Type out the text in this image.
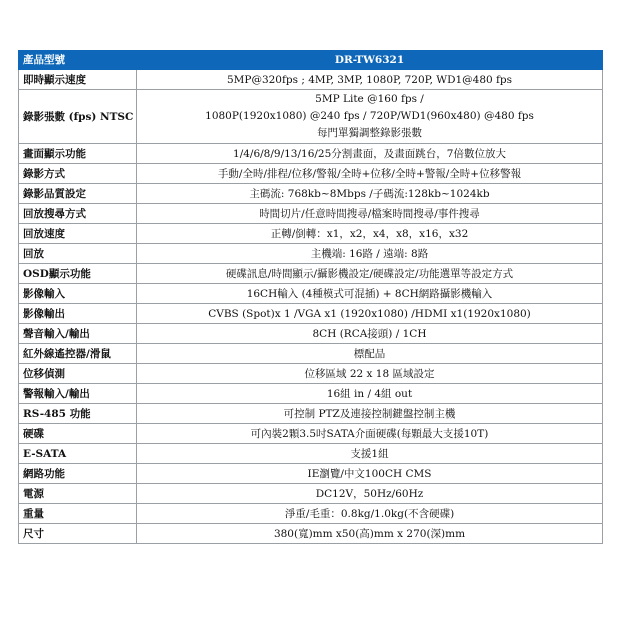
產品型號	DR-TW6321
即時顯示速度	5MP@320fps ; 4MP, 3MP, 1080P, 720P, WD1@480 fps
錄影張數 (fps) NTSC	5MP Lite @160 fps /
1080P(1920x1080) @240 fps / 720P/WD1(960x480) @480 fps
每門單獨調整錄影張數

畫面顯示功能	1/4/6/8/9/13/16/25分割畫面，及畫面跳台，7倍數位放大
錄影方式	手動/全時/排程/位移/警報/全時+位移/全時+警報/全時+位移警報
錄影品質設定	主碼流: 768kb~8Mbps /子碼流:128kb~1024kb
回放搜尋方式	時間切片/任意時間搜尋/檔案時間搜尋/事件搜尋
回放速度	正轉/倒轉：x1，x2，x4，x8，x16，x32
回放	主機端: 16路 / 遠端: 8路
OSD顯示功能	硬碟訊息/時間顯示/攝影機設定/硬碟設定/功能選單等設定方式
影像輸入	16CH輸入 (4種模式可混插) + 8CH網路攝影機輸入
影像輸出	CVBS (Spot)x 1 /VGA x1 (1920x1080) /HDMI x1(1920x1080)
聲音輸入/輸出	8CH (RCA接頭) / 1CH
紅外線遙控器/滑鼠	標配品
位移偵測	位移區域 22 x 18 區域設定
警報輸入/輸出	16組 in / 4組 out
RS-485 功能	可控制 PTZ及連接控制鍵盤控制主機
硬碟	可內裝2顆3.5吋SATA介面硬碟(每顆最大支援10T)
E-SATA	支援1組
網路功能	IE瀏覽/中文100CH CMS
電源	DC12V，50Hz/60Hz
重量	淨重/毛重：0.8kg/1.0kg(不含硬碟)
尺寸	380(寬)mm x50(高)mm x 270(深)mm
